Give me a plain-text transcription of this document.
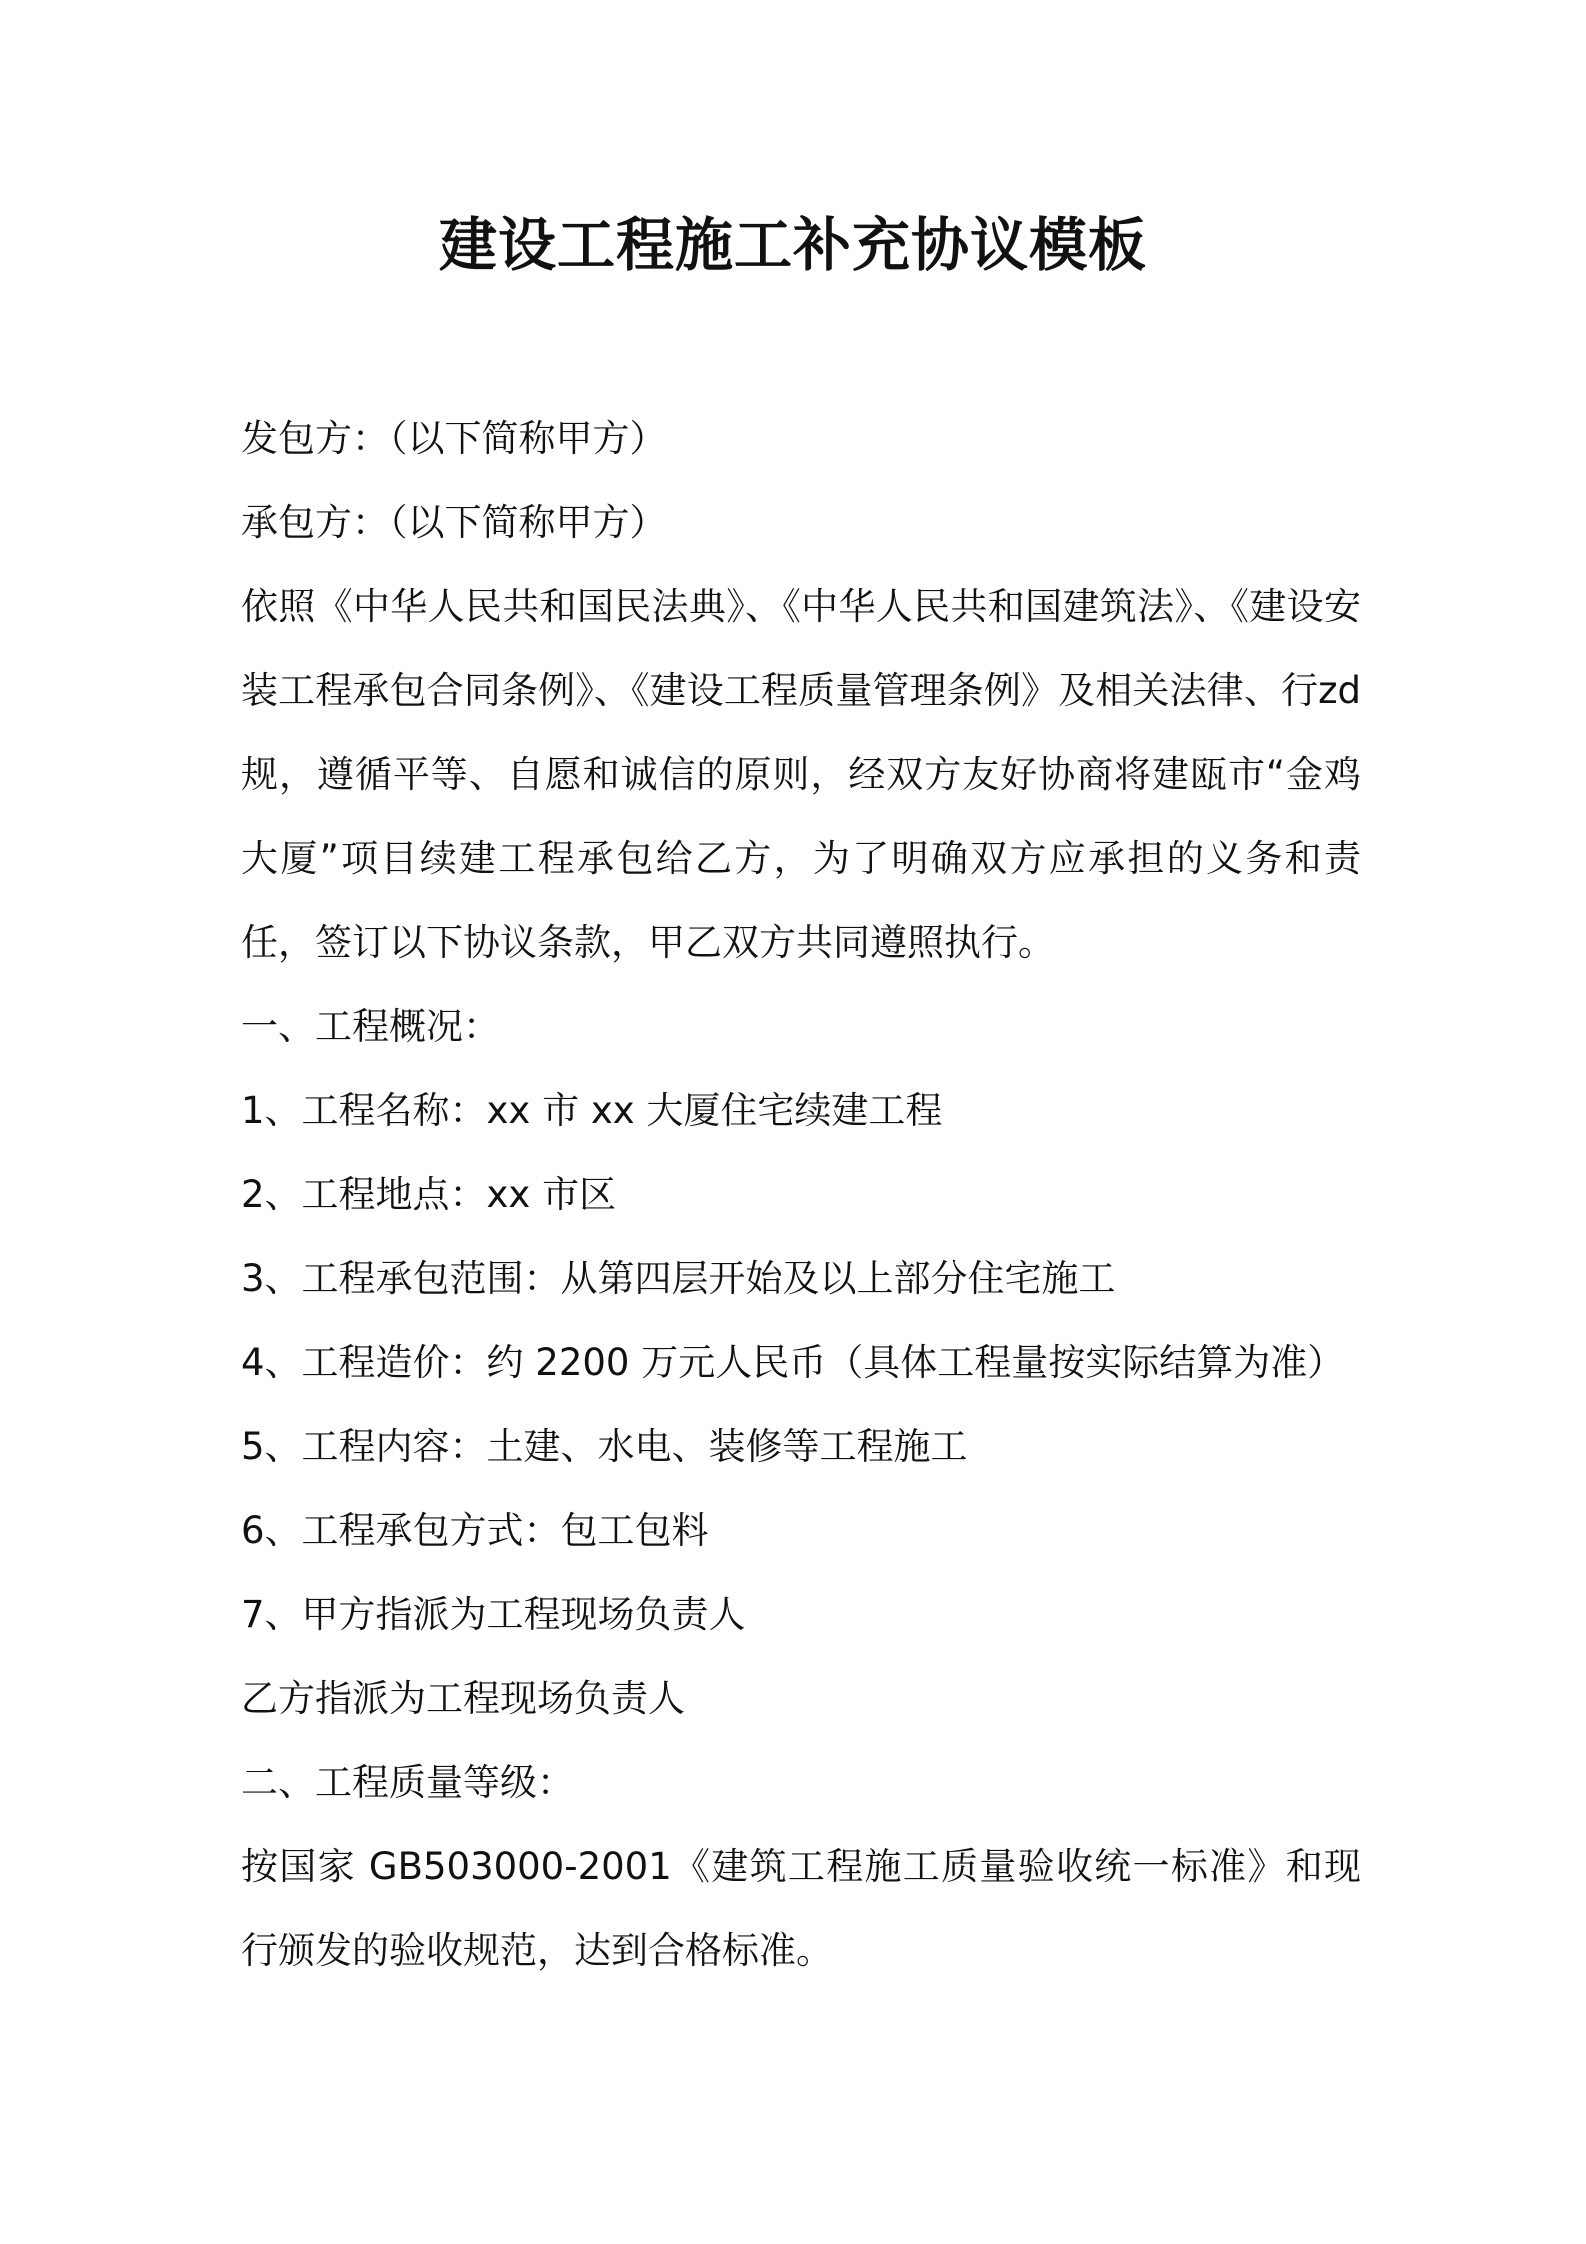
建设工程施工补充协议模板

发包方：（以下简称甲方）

承包方：（以下简称甲方）

依照《中华人民共和国民法典》、《中华人民共和国建筑法》、《建设安装工程承包合同条例》、《建设工程质量管理条例》及相关法律、行zd规，遵循平等、自愿和诚信的原则，经双方友好协商将建瓯市“金鸡大厦”项目续建工程承包给乙方，为了明确双方应承担的义务和责任，签订以下协议条款，甲乙双方共同遵照执行。

一、工程概况：

1、工程名称：xx 市 xx 大厦住宅续建工程

2、工程地点：xx 市区

3、工程承包范围：从第四层开始及以上部分住宅施工

4、工程造价：约 2200 万元人民币（具体工程量按实际结算为准）

5、工程内容：土建、水电、装修等工程施工

6、工程承包方式：包工包料

7、甲方指派为工程现场负责人

乙方指派为工程现场负责人

二、工程质量等级：

按国家 GB503000-2001《建筑工程施工质量验收统一标准》和现行颁发的验收规范，达到合格标准。
